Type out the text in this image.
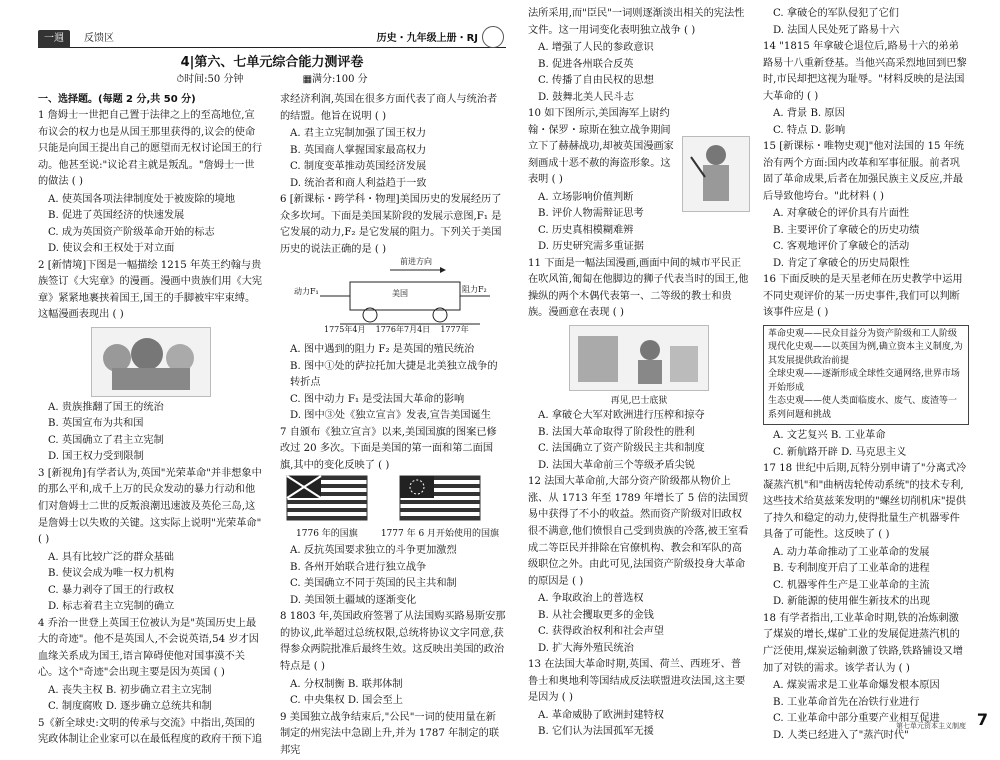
一週	反馈区	历史・九年级上册・RJ
4|第六、七单元综合能力测评卷
⏱时间:50 分钟	▦满分:100 分
一、选择题。(每题 2 分,共 50 分)
1 詹姆士一世把自己置于法律之上的至高地位,宣布议会的权力也是从国王那里获得的,议会的使命只能是向国王提出自己的愿望而无权讨论国王的行动。他甚至说:"议论君主就是叛乱。"詹姆士一世的做法 ( )
A. 使英国各项法律制度处于被废除的境地
B. 促进了英国经济的快速发展
C. 成为英国资产阶级革命开始的标志
D. 使议会和王权处于对立面
2 [新情境]下图是一幅描绘 1215 年英王约翰与贵族签订《大宪章》的漫画。漫画中贵族们用《大宪章》紧紧地裹挟着国王,国王的手脚被牢牢束缚。这幅漫画表现出 ( )
A. 贵族推翻了国王的统治
B. 英国宣布为共和国
C. 英国确立了君主立宪制
D. 国王权力受到限制
3 [新视角]有学者认为,英国"光荣革命"并非想象中的那么平和,成千上万的民众发动的暴力行动和他们对詹姆士二世的反叛浪潮迅速波及英伦三岛,这是詹姆士以失败的关键。这实际上说明"光荣革命" ( )
A. 具有比较广泛的群众基础
B. 使议会成为唯一权力机构
C. 暴力剥夺了国王的行政权
D. 标志着君主立宪制的确立
4 乔治一世登上英国王位被认为是"英国历史上最大的奇迹"。他不是英国人,不会说英语,54 岁才因血缘关系成为国王,语言障碍使他对国事漠不关心。这个"奇迹"会出现主要是因为英国 ( )
A. 丧失主权 B. 初步确立君主立宪制
C. 制度腐败 D. 逐步确立总统共和制
5《新全球史:文明的传承与交流》中指出,英国的宪政体制让企业家可以在最低程度的政府干预下追
求经济利润,英国在很多方面代表了商人与统治者的结盟。他旨在说明 ( )
A. 君主立宪制加强了国王权力
B. 英国商人掌握国家最高权力
C. 制度变革推动英国经济发展
D. 统治者和商人利益趋于一致
6 [新课标・跨学科・物理]美国历史的发展经历了众多坎坷。下面是美国某阶段的发展示意图,F₁ 是它发展的动力,F₂ 是它发展的阻力。下列关于美国历史的说法正确的是 ( )
前进方向
动力F₁	美国	阻力F₂
1775年4月    1776年7月4日    1777年
A. 图中遇到的阻力 F₂ 是英国的殖民统治
B. 图中①处的萨拉托加大捷是北美独立战争的转折点
C. 图中动力 F₁ 是受法国大革命的影响
D. 图中③处《独立宣言》发表,宣告美国诞生
7 自颁布《独立宣言》以来,美国国旗的图案已修改过 20 多次。下面是美国的第一面和第二面国旗,其中的变化反映了 ( )
1776 年的国旗	1777 年 6 月开始使用的国旗
A. 反抗英国要求独立的斗争更加激烈
B. 各州开始联合进行独立战争
C. 美国确立不同于英国的民主共和制
D. 美国领土疆域的逐渐变化
8 1803 年,英国政府签署了从法国购买路易斯安那的协议,此举超过总统权限,总统将协议文字同意,获得参众两院批准后最终生效。这反映出美国的政治特点是 ( )
A. 分权制衡 B. 联邦体制
C. 中央集权 D. 国会至上
9 美国独立战争结束后,"公民"一词的使用量在新制定的州宪法中急剧上升,并为 1787 年制定的联邦宪
法所采用,而"臣民"一词则逐渐淡出相关的宪法性文件。这一用词变化表明独立战争 ( )
A. 增强了人民的参政意识
B. 促进各州联合反英
C. 传播了自由民权的思想
D. 鼓舞北美人民斗志
10 如下图所示,美国海军上尉约翰・保罗・琼斯在独立战争期间立下了赫赫战功,却被英国漫画家刻画成十恶不赦的海盗形象。这表明 ( )
A. 立场影响价值判断
B. 评价人物需辩证思考
C. 历史真相模糊难辨
D. 历史研究需多重证据
11 下面是一幅法国漫画,画面中间的城市平民正在吹风笛,匍匐在他脚边的狮子代表当时的国王,他操纵的两个木偶代表第一、二等级的教士和贵族。漫画意在表现 ( )
再见,巴士底狱
A. 拿破仑大军对欧洲进行压榨和掠夺
B. 法国大革命取得了阶段性的胜利
C. 法国确立了资产阶级民主共和制度
D. 法国大革命前三个等级矛盾尖锐
12 法国大革命前,大部分资产阶级都从物价上涨、从 1713 年至 1789 年增长了 5 倍的法国贸易中获得了不小的收益。然而资产阶级对旧政权很不满意,他们愤恨自己受到贵族的冷落,被王室看成二等臣民并排除在官僚机构、教会和军队的高级职位之外。由此可见,法国资产阶级投身大革命的原因是 ( )
A. 争取政治上的普选权
B. 从社会攫取更多的金钱
C. 获得政治权利和社会声望
D. 扩大海外殖民统治
13 在法国大革命时期,英国、荷兰、西班牙、普鲁士和奥地利等国结成反法联盟进攻法国,这主要是因为 ( )
A. 革命威胁了欧洲封建特权
B. 它们认为法国孤军无援
C. 拿破仑的军队侵犯了它们
D. 法国人民处死了路易十六
14 "1815 年拿破仑退位后,路易十六的弟弟路易十八重新登基。当他兴高采烈地回到巴黎时,市民却把这视为耻辱。"材料反映的是法国大革命的 ( )
A. 背景 B. 原因
C. 特点 D. 影响
15 [新课标・唯物史观]"他对法国的 15 年统治有两个方面:国内改革和军事征服。前者巩固了革命成果,后者在加强民族主义反应,并最后导致他垮台。"此材料 ( )
A. 对拿破仑的评价具有片面性
B. 主要评价了拿破仑的历史功绩
C. 客观地评价了拿破仑的活动
D. 肯定了拿破仑的历史局限性
16 下面反映的是天星老师在历史教学中运用不同史观评价的某一历史事件,我们可以判断该事件应是 ( )
革命史观——民众目益分为资产阶级和工人阶级
现代化史观——以英国为例,确立资本主义制度,为其发展提供政治前提
全球史观——逐渐形成全球性交通网络,世界市场开始形成
生态史观——使人类面临废水、废气、废渣等一系列问题和挑战
A. 文艺复兴 B. 工业革命
C. 新航路开辟 D. 马克思主义
17 18 世纪中后期,瓦特分别申请了"分离式冷凝蒸汽机"和"曲柄齿轮传动系统"的技术专利,这些技术给莫兹莱发明的"螺丝切削机床"提供了持久和稳定的动力,使得批量生产机器零件具备了可能性。这反映了 ( )
A. 动力革命推动了工业革命的发展
B. 专利制度开启了工业革命的进程
C. 机器零件生产是工业革命的主流
D. 新能源的使用催生新技术的出现
18 有学者指出,工业革命时期,铁的冶炼刺激了煤炭的增长,煤矿工业的发展促进蒸汽机的广泛使用,煤炭运输刺激了铁路,铁路铺设又增加了对铁的需求。该学者认为 ( )
A. 煤炭需求是工业革命爆发根本原因
B. 工业革命首先在冶铁行业进行
C. 工业革命中部分重要产业相互促进
D. 人类已经进入了"蒸汽时代"
第七单元资本主义制度 7
